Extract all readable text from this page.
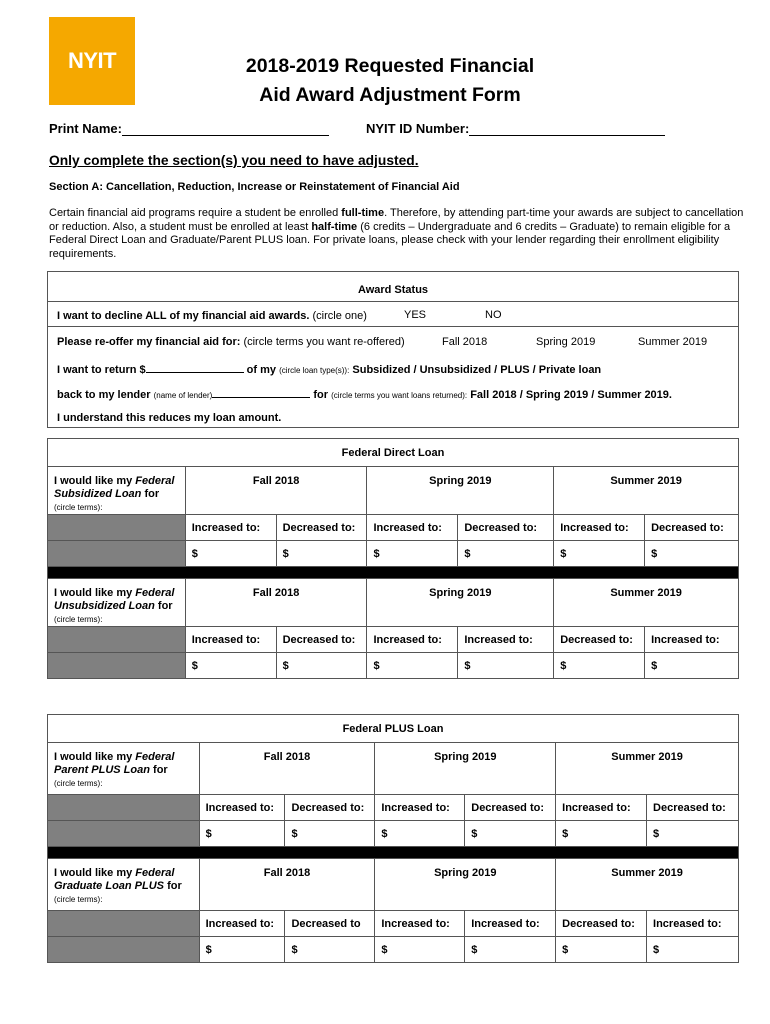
NYIT	2018-2019 Requested Financial
Aid Award Adjustment Form
Print Name:	NYIT ID Number:
Only complete the section(s) you need to have adjusted.
Section A: Cancellation, Reduction, Increase or Reinstatement of Financial Aid
Certain financial aid programs require a student be enrolled full-time. Therefore, by attending part-time your awards are subject to cancellation or reduction. Also, a student must be enrolled at least half-time (6 credits – Undergraduate and 6 credits – Graduate) to remain eligible for a Federal Direct Loan and Graduate/Parent PLUS loan. For private loans, please check with your lender regarding their enrollment eligibility requirements.
Award Status
I want to decline ALL of my financial aid awards. (circle one)	YES	NO
Please re-offer my financial aid for: (circle terms you want re-offered)	Fall 2018	Spring 2019	Summer 2019
I want to return $	of my (circle loan type(s)): Subsidized / Unsubsidized / PLUS / Private loan
back to my lender (name of lender)	for (circle terms you want loans returned): Fall 2018 / Spring 2019 / Summer 2019.
I understand this reduces my loan amount.
Federal Direct Loan						
I would like my Federal Subsidized Loan for
(circle terms):	Fall 2018		Spring 2019		Summer 2019	
	Increased to:	Decreased to:	Increased to:	Decreased to:	Increased to:	Decreased to:
	$	$	$	$	$	$

I would like my Federal Unsubsidized Loan for
(circle terms):	Fall 2018		Spring 2019		Summer 2019	
	Increased to:	Decreased to:	Increased to:	Increased to:	Decreased to:	Increased to:
	$	$	$	$	$	$
Federal PLUS Loan						
I would like my Federal Parent PLUS Loan for
(circle terms):	Fall 2018		Spring 2019		Summer 2019	
	Increased to:	Decreased to:	Increased to:	Decreased to:	Increased to:	Decreased to:
	$	$	$	$	$	$

I would like my Federal Graduate Loan PLUS for
(circle terms):	Fall 2018		Spring 2019		Summer 2019	
	Increased to:	Decreased to	Increased to:	Increased to:	Decreased to:	Increased to:
	$	$	$	$	$	$
